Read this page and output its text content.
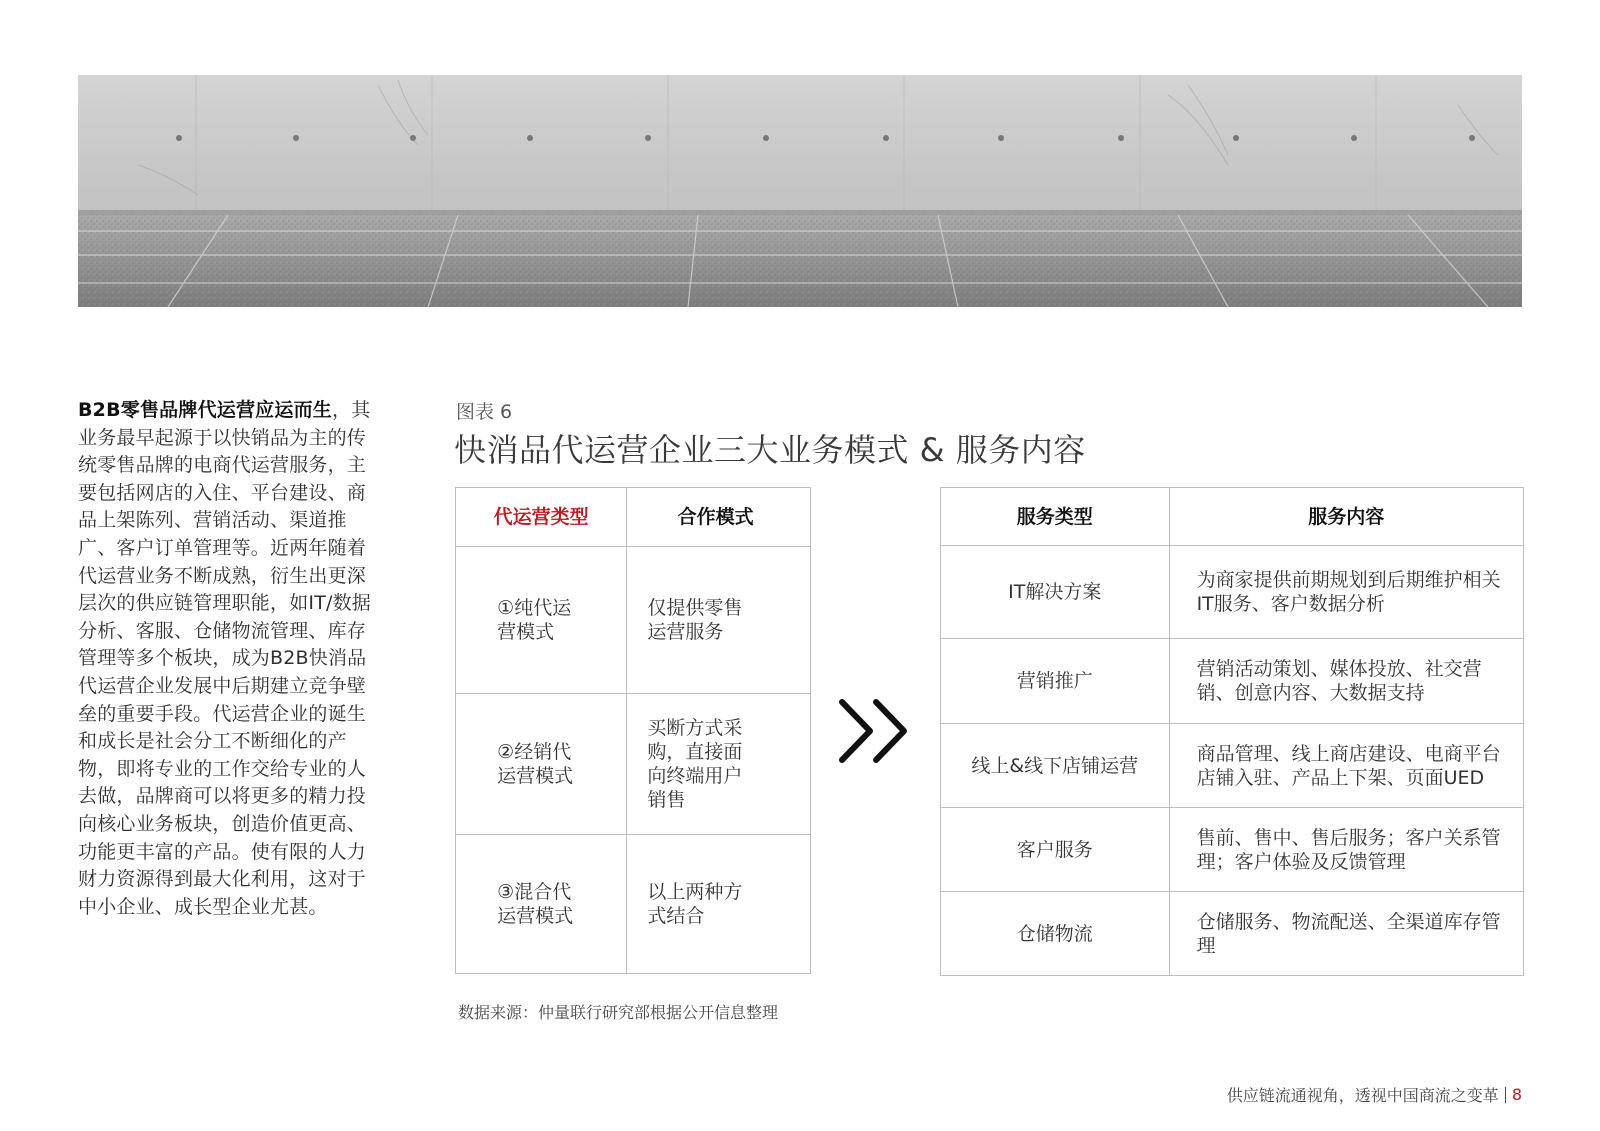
B2B零售品牌代运营应运而生，其业务最早起源于以快销品为主的传统零售品牌的电商代运营服务，主要包括网店的入住、平台建设、商品上架陈列、营销活动、渠道推广、客户订单管理等。近两年随着代运营业务不断成熟，衍生出更深层次的供应链管理职能，如IT/数据分析、客服、仓储物流管理、库存管理等多个板块，成为B2B快消品代运营企业发展中后期建立竞争壁垒的重要手段。代运营企业的诞生和成长是社会分工不断细化的产物，即将专业的工作交给专业的人去做，品牌商可以将更多的精力投向核心业务板块，创造价值更高、功能更丰富的产品。使有限的人力财力资源得到最大化利用，这对于中小企业、成长型企业尤甚。
图表 6
快消品代运营企业三大业务模式 & 服务内容
代运营类型	合作模式
①纯代运营模式	仅提供零售运营服务
②经销代运营模式	买断方式采购，直接面向终端用户销售
③混合代运营模式	以上两种方式结合
服务类型	服务内容
IT解决方案	为商家提供前期规划到后期维护相关IT服务、客户数据分析
营销推广	营销活动策划、媒体投放、社交营销、创意内容、大数据支持
线上&线下店铺运营	商品管理、线上商店建设、电商平台店铺入驻、产品上下架、页面UED
客户服务	售前、售中、售后服务；客户关系管理；客户体验及反馈管理
仓储物流	仓储服务、物流配送、全渠道库存管理
数据来源：仲量联行研究部根据公开信息整理
供应链流通视角，透视中国商流之变革 8
